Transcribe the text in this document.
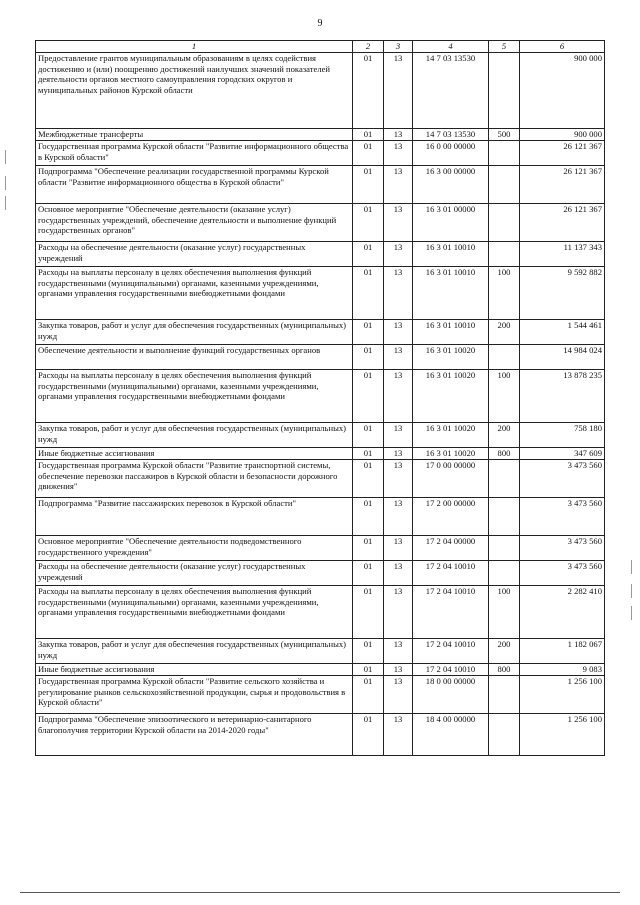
9
1	2	3	4	5	6
Предоставление грантов муниципальным образованиям в целях содействия достижению и (или) поощрению достижений наилучших значений показателей деятельности органов местного самоуправления городских округов и муниципальных районов Курской области	01	13	14 7 03 13530		900 000
Межбюджетные трансферты	01	13	14 7 03 13530	500	900 000
Государственная программа Курской области "Развитие информационного общества в Курской области"	01	13	16 0 00 00000		26 121 367
Подпрограмма "Обеспечение реализации государственной программы Курской области "Развитие информационного общества в Курской области"	01	13	16 3 00 00000		26 121 367
Основное мероприятие "Обеспечение деятельности (оказание услуг) государственных учреждений, обеспечение деятельности и выполнение функций государственных органов"	01	13	16 3 01 00000		26 121 367
Расходы на обеспечение деятельности (оказание услуг) государственных учреждений	01	13	16 3 01 10010		11 137 343
Расходы на выплаты персоналу в целях обеспечения выполнения функций государственными (муниципальными) органами, казенными учреждениями, органами управления государственными внебюджетными фондами	01	13	16 3 01 10010	100	9 592 882
Закупка товаров, работ и услуг для обеспечения государственных (муниципальных) нужд	01	13	16 3 01 10010	200	1 544 461
Обеспечение деятельности и выполнение функций государственных органов	01	13	16 3 01 10020		14 984 024
Расходы на выплаты персоналу в целях обеспечения выполнения функций государственными (муниципальными) органами, казенными учреждениями, органами управления государственными внебюджетными фондами	01	13	16 3 01 10020	100	13 878 235
Закупка товаров, работ и услуг для обеспечения государственных (муниципальных) нужд	01	13	16 3 01 10020	200	758 180
Иные бюджетные ассигнования	01	13	16 3 01 10020	800	347 609
Государственная программа Курской области "Развитие транспортной системы, обеспечение перевозки пассажиров в Курской области и безопасности дорожного движения"	01	13	17 0 00 00000		3 473 560
Подпрограмма "Развитие пассажирских перевозок в Курской области"	01	13	17 2 00 00000		3 473 560
Основное мероприятие "Обеспечение деятельности подведомственного государственного учреждения"	01	13	17 2 04 00000		3 473 560
Расходы на обеспечение деятельности (оказание услуг) государственных учреждений	01	13	17 2 04 10010		3 473 560
Расходы на выплаты персоналу в целях обеспечения выполнения функций государственными (муниципальными) органами, казенными учреждениями, органами управления государственными внебюджетными фондами	01	13	17 2 04 10010	100	2 282 410
Закупка товаров, работ и услуг для обеспечения государственных (муниципальных) нужд	01	13	17 2 04 10010	200	1 182 067
Иные бюджетные ассигнования	01	13	17 2 04 10010	800	9 083
Государственная программа Курской области "Развитие сельского хозяйства и регулирование рынков сельскохозяйственной продукции, сырья и продовольствия в Курской области"	01	13	18 0 00 00000		1 256 100
Подпрограмма "Обеспечение эпизоотического и ветеринарно-санитарного благополучия территории Курской области на 2014-2020 годы"	01	13	18 4 00 00000		1 256 100
